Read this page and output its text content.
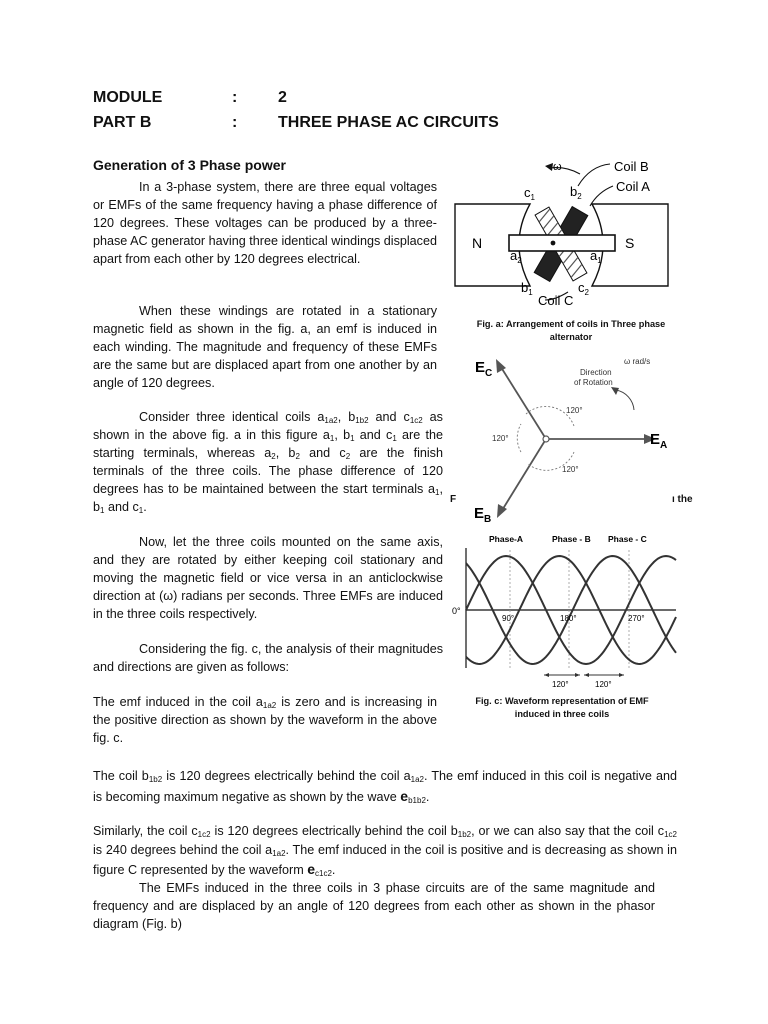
MODULE	:	2
PART B	:	THREE PHASE AC CIRCUITS
Generation of 3 Phase power
In a 3-phase system, there are three equal voltages or EMFs of the same frequency having a phase difference of 120 degrees. These voltages can be produced by a three-phase AC generator having three identical windings displaced apart from each other by 120 degrees electrical.
When these windings are rotated in a stationary magnetic field as shown in the fig. a, an emf is induced in each winding. The magnitude and frequency of these EMFs are the same but are displaced apart from one another by an angle of 120 degrees.
Consider three identical coils $a_{1a2}$, $b_{1b2}$ and $c_{1c2}$ as shown in the above fig. a in this figure $a_1$, $b_1$ and $c_1$ are the starting terminals, whereas $a_2$, $b_2$ and $c_2$ are the finish terminals of the three coils. The phase difference of 120 degrees has to be maintained between the start terminals $a_1$, $b_1$ and $c_1$.
Now, let the three coils mounted on the same axis, and they are rotated by either keeping coil stationary and moving the magnetic field or vice versa in an anticlockwise direction at (ω) radians per seconds. Three EMFs are induced in the three coils respectively.
Considering the fig. c, the analysis of their magnitudes and directions are given as follows:
The emf induced in the coil $a_{1a2}$ is zero and is increasing in the positive direction as shown by the waveform in the above fig. c.
The coil $b_{1b2}$ is 120 degrees electrically behind the coil $a_{1a2}$. The emf induced in this coil is negative and is becoming maximum negative as shown by the wave $e_{b1b2}$.
Similarly, the coil $c_{1c2}$ is 120 degrees electrically behind the coil $b_{1b2}$, or we can also say that the coil $c_{1c2}$ is 240 degrees behind the coil $a_{1a2}$. The emf induced in the coil is positive and is decreasing as shown in figure C represented by the waveform $e_{c1c2}$.
The EMFs induced in the three coils in 3 phase circuits are of the same magnitude and frequency and are displaced by an angle of 120 degrees from each other as shown in the phasor diagram (Fig. b)
ω	Coil B
Coil A
$c_1$	$b_2$
N	S
$a_2$	$a_1$
$b_1$	$c_2$
Coil C
Fig. a: Arrangement of coils in Three phase alternator
ω rad/s
Direction
of Rotation
120°
120°
120°
$E_C$
$E_A$
$E_B$
F	ı the
Phase-A	Phase - B Phase - C
0°
90°	180°	270°
120°	120°
Fig. c: Waveform representation of EMF induced in three coils
